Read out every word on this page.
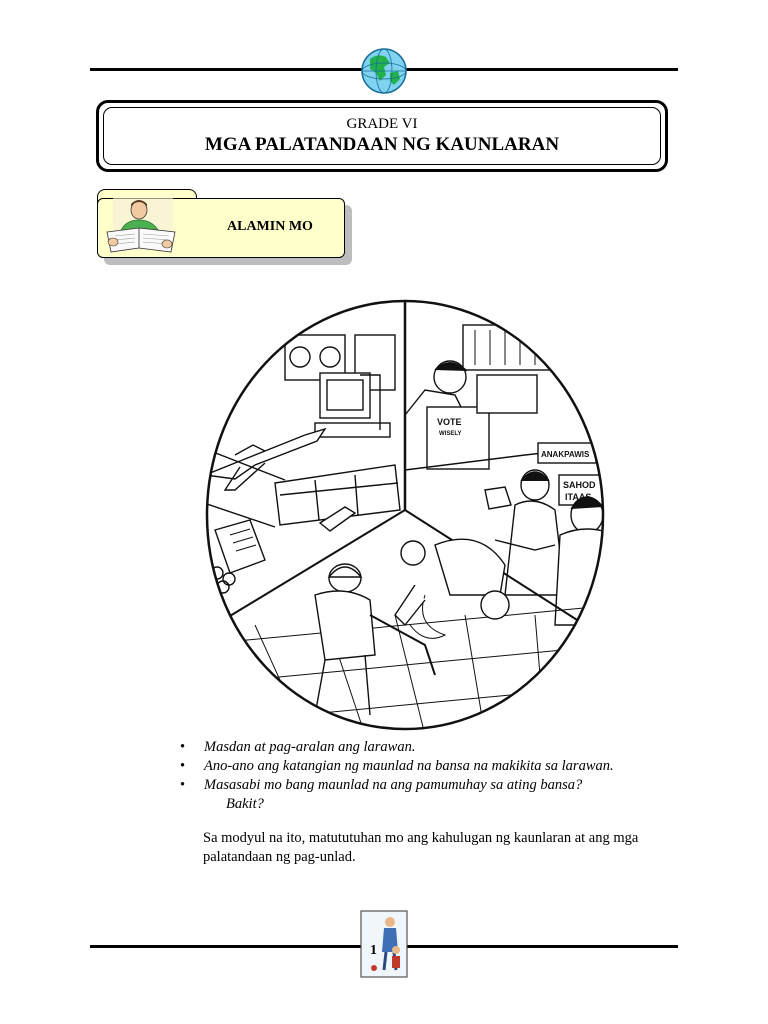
GRADE VI
MGA PALATANDAAN NG KAUNLARAN
ALAMIN MO
VOTE
WISELY
ANAKPAWIS
SAHOD
ITAAS
• Masdan at pag-aralan ang larawan.
• Ano-ano ang katangian ng maunlad na bansa na makikita sa larawan.
• Masasabi mo bang maunlad na ang pamumuhay sa ating bansa?
Bakit?
Sa modyul na ito, matututuhan mo ang kahulugan ng kaunlaran at ang mga palatandaan ng pag-unlad.
1
